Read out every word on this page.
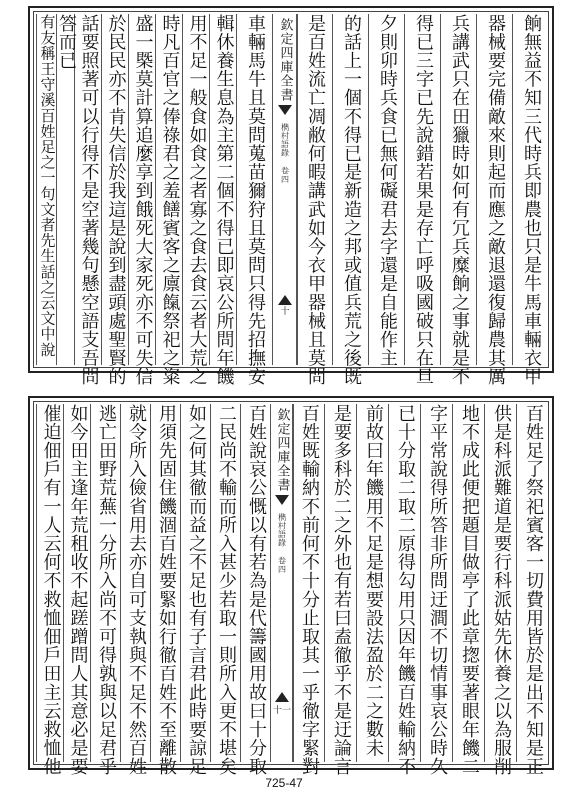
餉無益不知三代時兵即農也只是牛馬車輛衣甲
器械要完備敵來則起而應之敵退還復歸農其厲
兵講武只在田獵時如何有冗兵糜餉之事就是不
得已三字已先說錯若果是存亡呼吸國破只在旦
夕則卯時兵食已無何礙君去字還是自能作主
的話上一個不得已是新造之邦或值兵荒之後既
是百姓流亡凋敝何暇講武如今衣甲器械且莫問
欽定四庫全書
檇村語錄 卷四
十
車輛馬牛且莫問蒐苗獮狩且莫問只得先招撫安
輯休養生息為主第二個不得已即哀公所問年饑
用不足一般食如食之者寡之食去食云者大荒之
時凡百官之俸祿君之羞饍賓客之廪餼祭祀之粢
盛一槩莫計算追麼享到餓死大家死亦不可失信
於民民亦不肯失信於我這是說到盡頭處聖賢的
話要照著可以行得不是空著幾句懸空語支吾問
答而已
有友稱王守溪百姓足之一句文者先生話之云文中說
百姓足了祭祀賓客一切費用皆於是出不知是正
供是科派難道是要行科派姑先休養之以為服削
地不成此便把題目做亭了此章揔要著眼年饑二
字平常說得所答非所問迂澗不切情事哀公時久
已十分取二取二原得勾用只因年饑百姓輸納不
前故曰年饑用不足是想要設法盈於二之數未
是要多科於二之外也有若曰盍徹乎不是迂論言
百姓既輸納不前何不十分止取其一乎徹字緊對
欽定四庫全書
檇村語錄 卷四
十一
百姓說哀公慨以有若為是代籌國用故曰十分取
二民尚不輸而所入甚少若取一則所入更不堪矣
如之何其徹而益之不足也有子言君此時要諒足
用須先固住饑涸百姓要緊如行徹百姓不至離散
就令所入儉省用去亦自可支執與不足不然百姓
逃亡田野荒蕪一分所入尚不可得孰與以足君乎
如今田主逢年荒租收不起蹉蹭問人其意必是要
催迫佃戶有一人云何不救恤佃戶田主云救恤他
725-47
